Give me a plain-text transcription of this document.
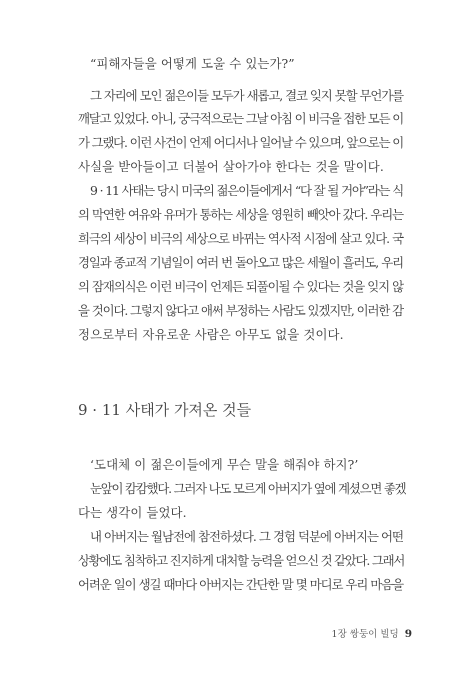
“피해자들을 어떻게 도울 수 있는가?”
그 자리에 모인 젊은이들 모두가 새롭고, 결코 잊지 못할 무언가를
깨달고 있었다. 아니, 궁극적으로는 그날 아침 이 비극을 접한 모든 이
가 그랬다. 이런 사건이 언제 어디서나 일어날 수 있으며, 앞으로는 이
사실을 받아들이고 더불어 살아가야 한다는 것을 말이다.
9 · 11 사태는 당시 미국의 젊은이들에게서 “다 잘 될 거야”라는 식
의 막연한 여유와 유머가 통하는 세상을 영원히 빼앗아 갔다. 우리는
희극의 세상이 비극의 세상으로 바뀌는 역사적 시점에 살고 있다. 국
경일과 종교적 기념일이 여러 번 돌아오고 많은 세월이 흘러도, 우리
의 잠재의식은 이런 비극이 언제든 되풀이될 수 있다는 것을 잊지 않
을 것이다. 그렇지 않다고 애써 부정하는 사람도 있겠지만, 이러한 감
정으로부터 자유로운 사람은 아무도 없을 것이다.
9 · 11 사태가 가져온 것들
‘도대체 이 젊은이들에게 무슨 말을 해줘야 하지?’
눈앞이 캄캄했다. 그러자 나도 모르게 아버지가 옆에 계셨으면 좋겠
다는 생각이 들었다.
내 아버지는 월남전에 참전하셨다. 그 경험 덕분에 아버지는 어떤
상황에도 침착하고 진지하게 대처할 능력을 얻으신 것 같았다. 그래서
어려운 일이 생길 때마다 아버지는 간단한 말 몇 마디로 우리 마음을
1장 쌍둥이 빌딩 9
